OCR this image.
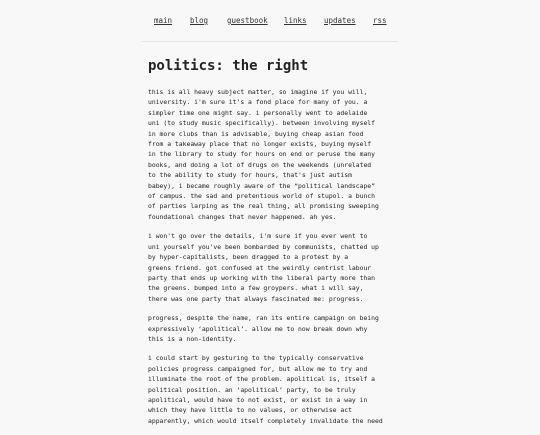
main blog	guestbook links updates rss
politics: the right

this is all heavy subject matter, so imagine if you will,
university. i'm sure it's a fond place for many of you. a
simpler time one might say. i personally went to adelaide
uni (to study music specifically). between involving myself
in more clubs than is advisable, buying cheap asian food
from a takeaway place that no longer exists, buying myself
in the library to study for hours on end or peruse the many
books, and doing a lot of drugs on the weekends (unrelated
to the ability to study for hours, that's just autism
babey), i became roughly aware of the “political landscape”
of campus. the sad and pretentious world of stupol. a bunch
of parties larping as the real thing, all promising sweeping
foundational changes that never happened. ah yes.

i won't go over the details, i'm sure if you ever went to
uni yourself you've been bombarded by communists, chatted up
by hyper-capitalists, been dragged to a protest by a
greens friend. got confused at the weirdly centrist labour
party that ends up working with the liberal party more than
the greens. bumped into a few groypers. what i will say,
there was one party that always fascinated me: progress.

progress, despite the name, ran its entire campaign on being
expressively ‘apolitical’. allow me to now break down why
this is a non-identity.

i could start by gesturing to the typically conservative
policies progress campaigned for, but allow me to try and
illuminate the root of the problem. apolitical is, itself a
political position. an ‘apolitical’ party, to be truly
apolitical, would have to not exist, or exist in a way in
which they have little to no values, or otherwise act
apparently, which would itself completely invalidate the need
